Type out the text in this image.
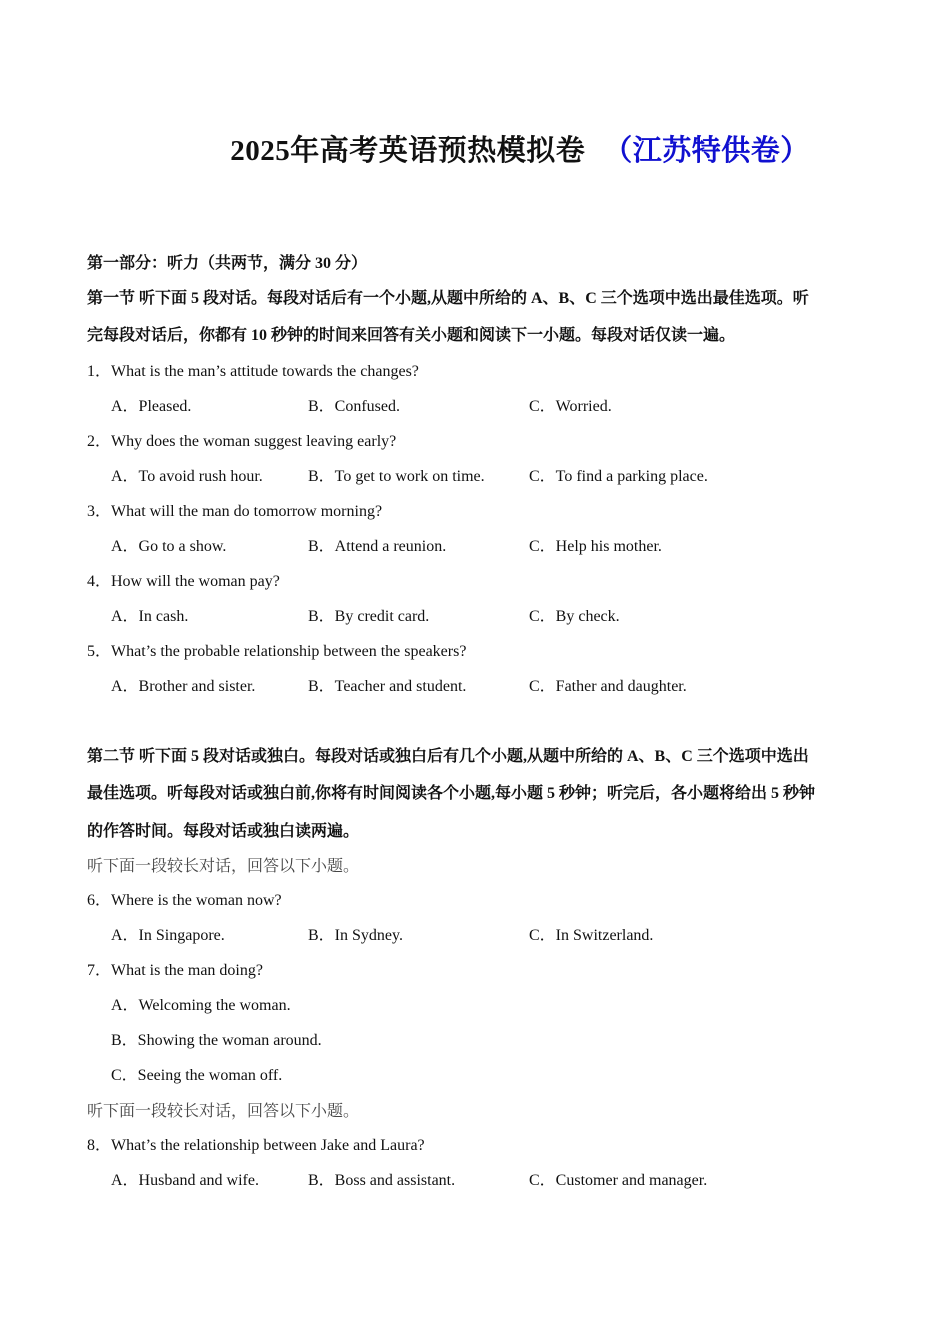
2025年高考英语预热模拟卷 （江苏特供卷）
第一部分：听力（共两节，满分 30 分）
第一节 听下面 5 段对话。每段对话后有一个小题,从题中所给的 A、B、C 三个选项中选出最佳选项。听
完每段对话后，你都有 10 秒钟的时间来回答有关小题和阅读下一小题。每段对话仅读一遍。
1．What is the man’s attitude towards the changes?
A．Pleased.	B．Confused.	C．Worried.
2．Why does the woman suggest leaving early?
A．To avoid rush hour.	B．To get to work on time.	C．To find a parking place.
3．What will the man do tomorrow morning?
A．Go to a show.	B．Attend a reunion.	C．Help his mother.
4．How will the woman pay?
A．In cash.	B．By credit card.	C．By check.
5．What’s the probable relationship between the speakers?
A．Brother and sister.	B．Teacher and student.	C．Father and daughter.
第二节 听下面 5 段对话或独白。每段对话或独白后有几个小题,从题中所给的 A、B、C 三个选项中选出
最佳选项。听每段对话或独白前,你将有时间阅读各个小题,每小题 5 秒钟；听完后，各小题将给出 5 秒钟
的作答时间。每段对话或独白读两遍。
听下面一段较长对话，回答以下小题。
6．Where is the woman now?
A．In Singapore.	B．In Sydney.	C．In Switzerland.
7．What is the man doing?
A．Welcoming the woman.
B．Showing the woman around.
C．Seeing the woman off.
听下面一段较长对话，回答以下小题。
8．What’s the relationship between Jake and Laura?
A．Husband and wife.	B．Boss and assistant.	C．Customer and manager.
